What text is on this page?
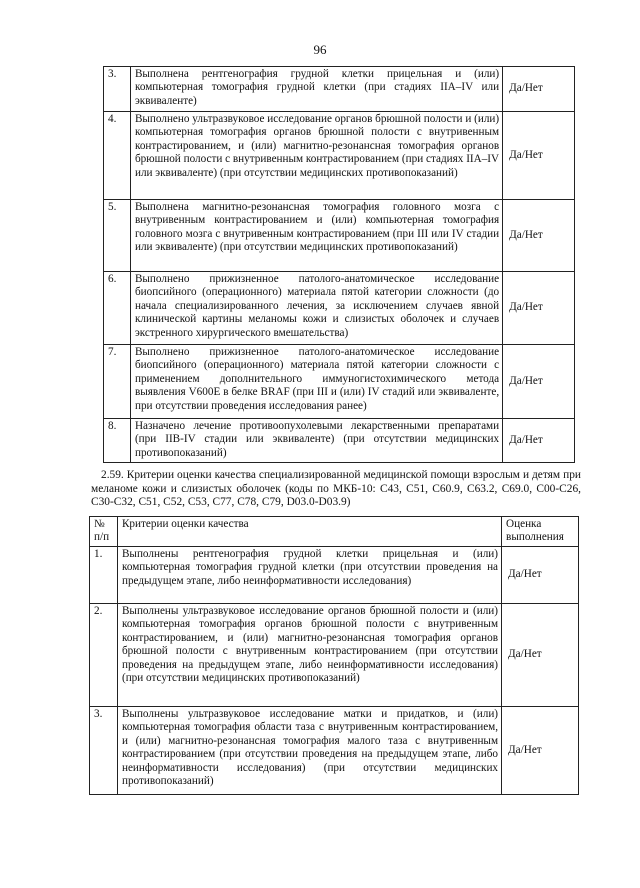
96
3.	Выполнена рентгенография грудной клетки прицельная и (или) компьютерная томография грудной клетки (при стадиях IIA–IV или эквиваленте)	Да/Нет
4.	Выполнено ультразвуковое исследование органов брюшной полости и (или) компьютерная томография органов брюшной полости с внутривенным контрастированием, и (или) магнитно-резонансная томография органов брюшной полости с внутривенным контрастированием (при стадиях IIA–IV или эквиваленте) (при отсутствии медицинских противопоказаний)	Да/Нет
5.	Выполнена магнитно-резонансная томография головного мозга с внутривенным контрастированием и (или) компьютерная томография головного мозга с внутривенным контрастированием (при III или IV стадии или эквиваленте) (при отсутствии медицинских противопоказаний)	Да/Нет
6.	Выполнено прижизненное патолого-анатомическое исследование биопсийного (операционного) материала пятой категории сложности (до начала специализированного лечения, за исключением случаев явной клинической картины меланомы кожи и слизистых оболочек и случаев экстренного хирургического вмешательства)	Да/Нет
7.	Выполнено прижизненное патолого-анатомическое исследование биопсийного (операционного) материала пятой категории сложности с применением дополнительного иммуногистохимического метода выявления V600E в белке BRAF (при III и (или) IV стадий или эквиваленте, при отсутствии проведения исследования ранее)	Да/Нет
8.	Назначено лечение противоопухолевыми лекарственными препаратами (при IIB-IV стадии или эквиваленте) (при отсутствии медицинских противопоказаний)	Да/Нет

2.59. Критерии оценки качества специализированной медицинской помощи взрослым и детям при меланоме кожи и слизистых оболочек (коды по МКБ-10: C43, C51, C60.9, C63.2, C69.0, C00-C26, C30-C32, C51, C52, C53, C77, C78, C79, D03.0-D03.9)

№ п/п	Критерии оценки качества	Оценка выполнения
1.	Выполнены рентгенография грудной клетки прицельная и (или) компьютерная томография грудной клетки (при отсутствии проведения на предыдущем этапе, либо неинформативности исследования)	Да/Нет
2.	Выполнены ультразвуковое исследование органов брюшной полости и (или) компьютерная томография органов брюшной полости с внутривенным контрастированием, и (или) магнитно-резонансная томография органов брюшной полости с внутривенным контрастированием (при отсутствии проведения на предыдущем этапе, либо неинформативности исследования) (при отсутствии медицинских противопоказаний)	Да/Нет
3.	Выполнены ультразвуковое исследование матки и придатков, и (или) компьютерная томография области таза с внутривенным контрастированием, и (или) магнитно-резонансная томография малого таза с внутривенным контрастированием (при отсутствии проведения на предыдущем этапе, либо неинформативности исследования) (при отсутствии медицинских противопоказаний)	Да/Нет
